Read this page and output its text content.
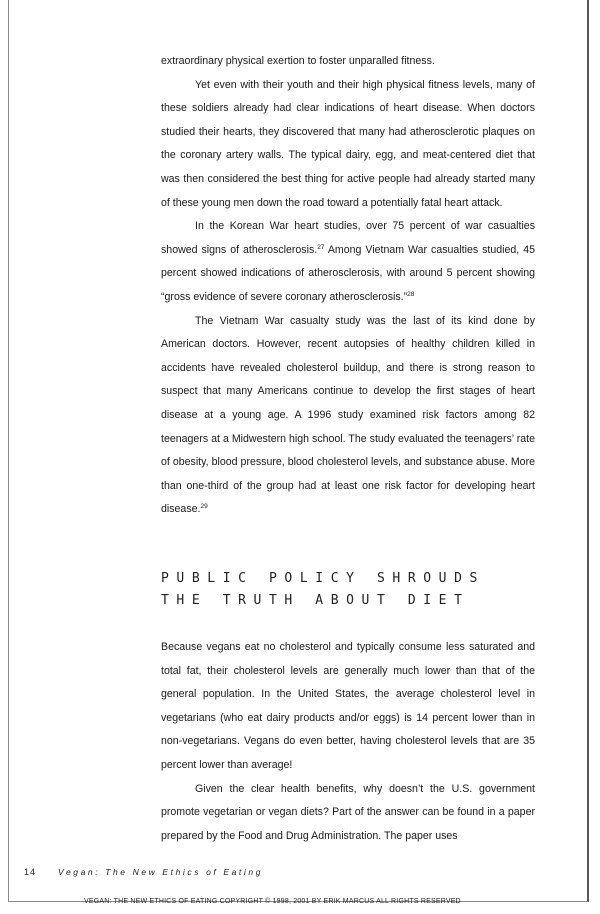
extraordinary physical exertion to foster unparalled fitness.

Yet even with their youth and their high physical fitness levels, many of these soldiers already had clear indications of heart disease. When doctors studied their hearts, they discovered that many had atherosclerotic plaques on the coronary artery walls. The typical dairy, egg, and meat-centered diet that was then considered the best thing for active people had already started many of these young men down the road toward a potentially fatal heart attack.

In the Korean War heart studies, over 75 percent of war casualties showed signs of atherosclerosis.$^{27}$ Among Vietnam War casualties studied, 45 percent showed indications of atherosclerosis, with around 5 percent showing “gross evidence of severe coronary atherosclerosis.”$^{28}$

The Vietnam War casualty study was the last of its kind done by American doctors. However, recent autopsies of healthy children killed in accidents have revealed cholesterol buildup, and there is strong reason to suspect that many Americans continue to develop the first stages of heart disease at a young age. A 1996 study examined risk factors among 82 teenagers at a Midwestern high school. The study evaluated the teenagers’ rate of obesity, blood pressure, blood cholesterol levels, and substance abuse. More than one-third of the group had at least one risk factor for developing heart disease.$^{29}$

PUBLIC POLICY SHROUDS
THE TRUTH ABOUT DIET

Because vegans eat no cholesterol and typically consume less saturated and total fat, their cholesterol levels are generally much lower than that of the general population. In the United States, the average cholesterol level in vegetarians (who eat dairy products and/or eggs) is 14 percent lower than in non-vegetarians. Vegans do even better, having cholesterol levels that are 35 percent lower than average!

Given the clear health benefits, why doesn’t the U.S. government promote vegetarian or vegan diets? Part of the answer can be found in a paper prepared by the Food and Drug Administration. The paper uses

14	Vegan: The New Ethics of Eating
VEGAN: THE NEW ETHICS OF EATING COPYRIGHT © 1998, 2001 BY ERIK MARCUS ALL RIGHTS RESERVED
